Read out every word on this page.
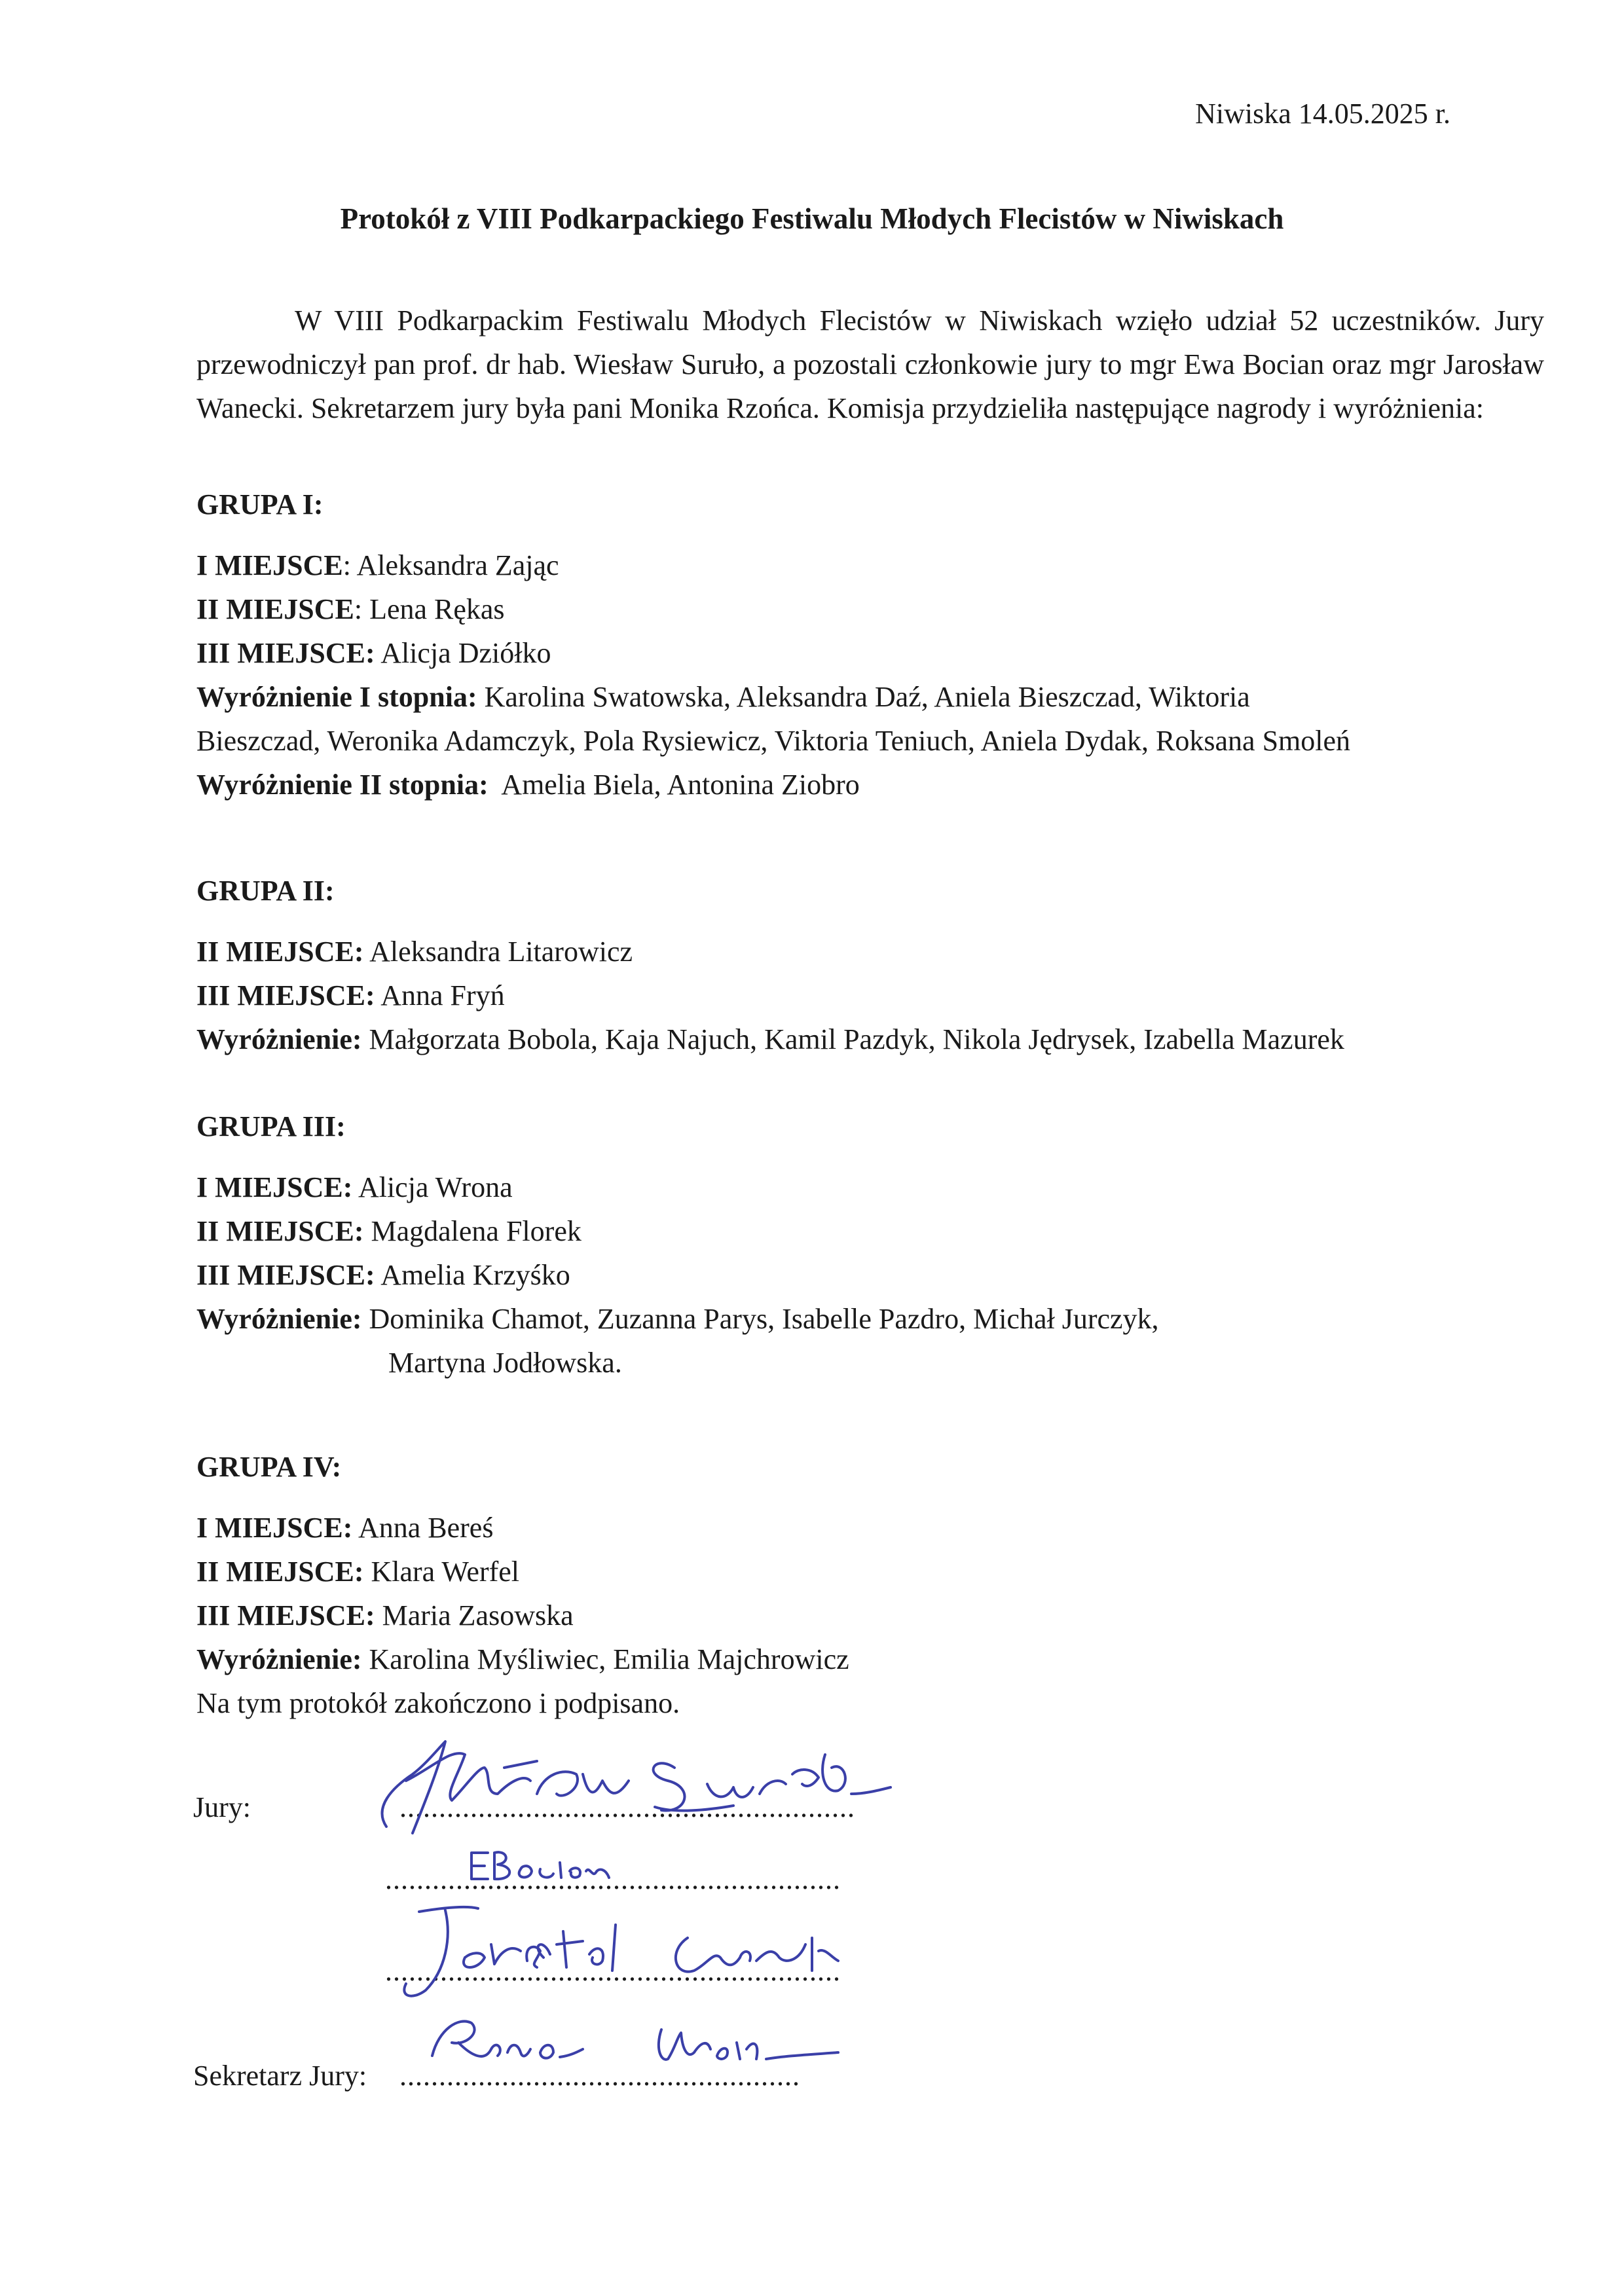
Niwiska 14.05.2025 r.
Protokół z VIII Podkarpackiego Festiwalu Młodych Flecistów w Niwiskach
W VIII Podkarpackim Festiwalu Młodych Flecistów w Niwiskach wzięło udział 52 uczestników. Jury przewodniczył pan prof. dr hab. Wiesław Suruło, a pozostali członkowie jury to mgr Ewa Bocian oraz mgr Jarosław Wanecki. Sekretarzem jury była pani Monika Rzońca. Komisja przydzieliła następujące nagrody i wyróżnienia:
GRUPA I:
I MIEJSCE: Aleksandra Zając
II MIEJSCE: Lena Rękas
III MIEJSCE: Alicja Dziółko
Wyróżnienie I stopnia: Karolina Swatowska, Aleksandra Daź, Aniela Bieszczad, Wiktoria
Bieszczad, Weronika Adamczyk, Pola Rysiewicz, Viktoria Teniuch, Aniela Dydak, Roksana Smoleń
Wyróżnienie II stopnia: Amelia Biela, Antonina Ziobro
GRUPA II:
II MIEJSCE: Aleksandra Litarowicz
III MIEJSCE: Anna Fryń
Wyróżnienie: Małgorzata Bobola, Kaja Najuch, Kamil Pazdyk, Nikola Jędrysek, Izabella Mazurek
GRUPA III:
I MIEJSCE: Alicja Wrona
II MIEJSCE: Magdalena Florek
III MIEJSCE: Amelia Krzyśko
Wyróżnienie: Dominika Chamot, Zuzanna Parys, Isabelle Pazdro, Michał Jurczyk,
Martyna Jodłowska.
GRUPA IV:
I MIEJSCE: Anna Bereś
II MIEJSCE: Klara Werfel
III MIEJSCE: Maria Zasowska
Wyróżnienie: Karolina Myśliwiec, Emilia Majchrowicz
Na tym protokół zakończono i podpisano.
Jury:	..........................................................
..........................................................
..........................................................
Sekretarz Jury: ...................................................
